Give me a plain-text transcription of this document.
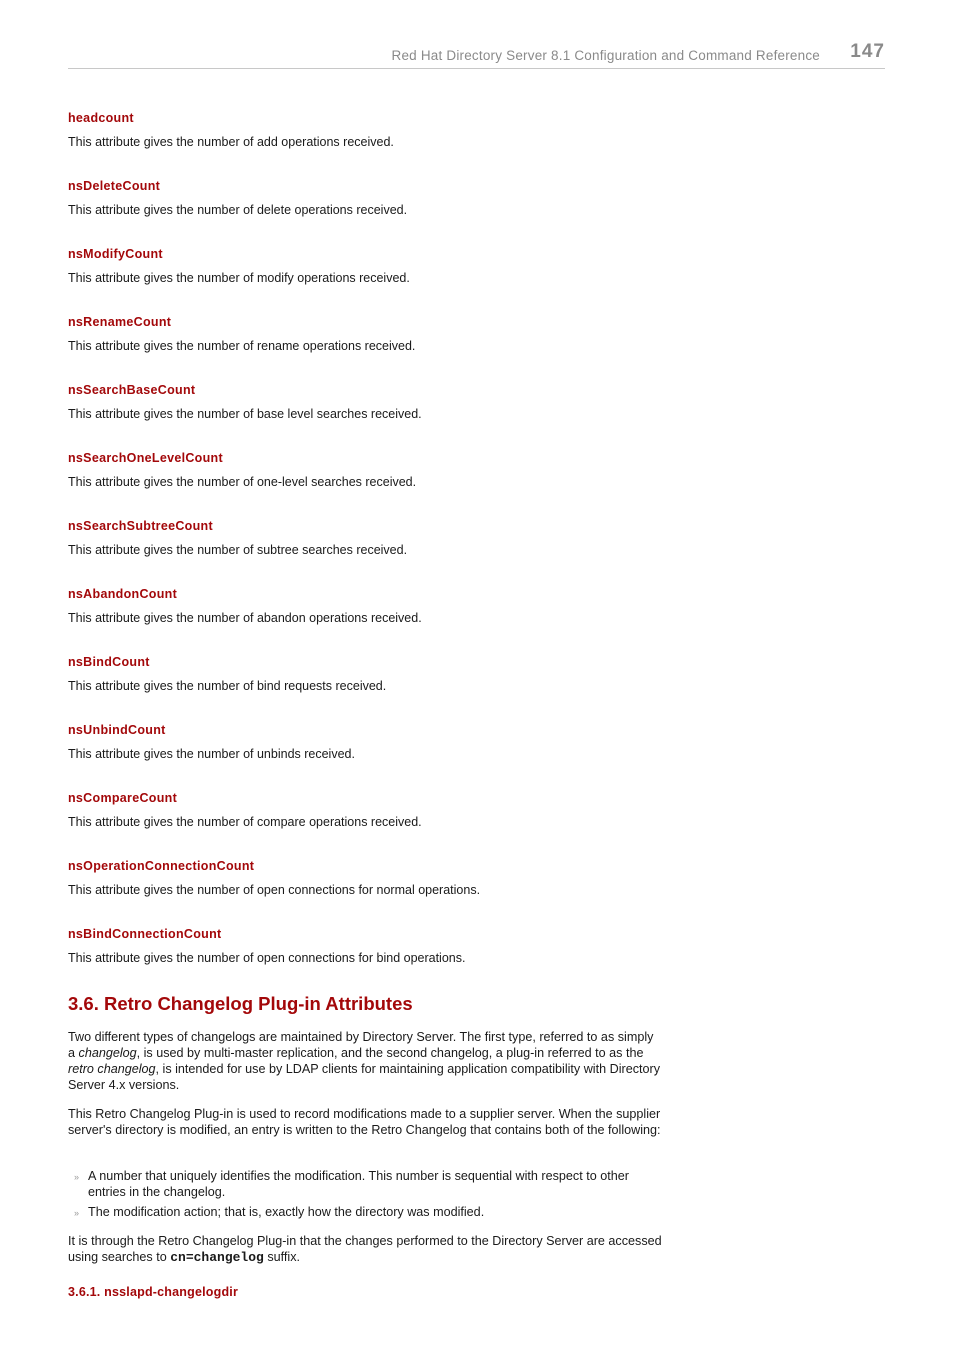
Red Hat Directory Server 8.1 Configuration and Command Reference 147
headcount

This attribute gives the number of add operations received.

nsDeleteCount

This attribute gives the number of delete operations received.

nsModifyCount

This attribute gives the number of modify operations received.

nsRenameCount

This attribute gives the number of rename operations received.

nsSearchBaseCount

This attribute gives the number of base level searches received.

nsSearchOneLevelCount

This attribute gives the number of one-level searches received.

nsSearchSubtreeCount

This attribute gives the number of subtree searches received.

nsAbandonCount

This attribute gives the number of abandon operations received.

nsBindCount

This attribute gives the number of bind requests received.

nsUnbindCount

This attribute gives the number of unbinds received.

nsCompareCount

This attribute gives the number of compare operations received.

nsOperationConnectionCount

This attribute gives the number of open connections for normal operations.

nsBindConnectionCount

This attribute gives the number of open connections for bind operations.

3.6. Retro Changelog Plug-in Attributes

Two different types of changelogs are maintained by Directory Server. The first type, referred to as simply a changelog, is used by multi-master replication, and the second changelog, a plug-in referred to as the retro changelog, is intended for use by LDAP clients for maintaining application compatibility with Directory Server 4.x versions.

This Retro Changelog Plug-in is used to record modifications made to a supplier server. When the supplier server's directory is modified, an entry is written to the Retro Changelog that contains both of the following:

» A number that uniquely identifies the modification. This number is sequential with respect to other entries in the changelog.
» The modification action; that is, exactly how the directory was modified.

It is through the Retro Changelog Plug-in that the changes performed to the Directory Server are accessed using searches to cn=changelog suffix.

3.6.1. nsslapd-changelogdir
